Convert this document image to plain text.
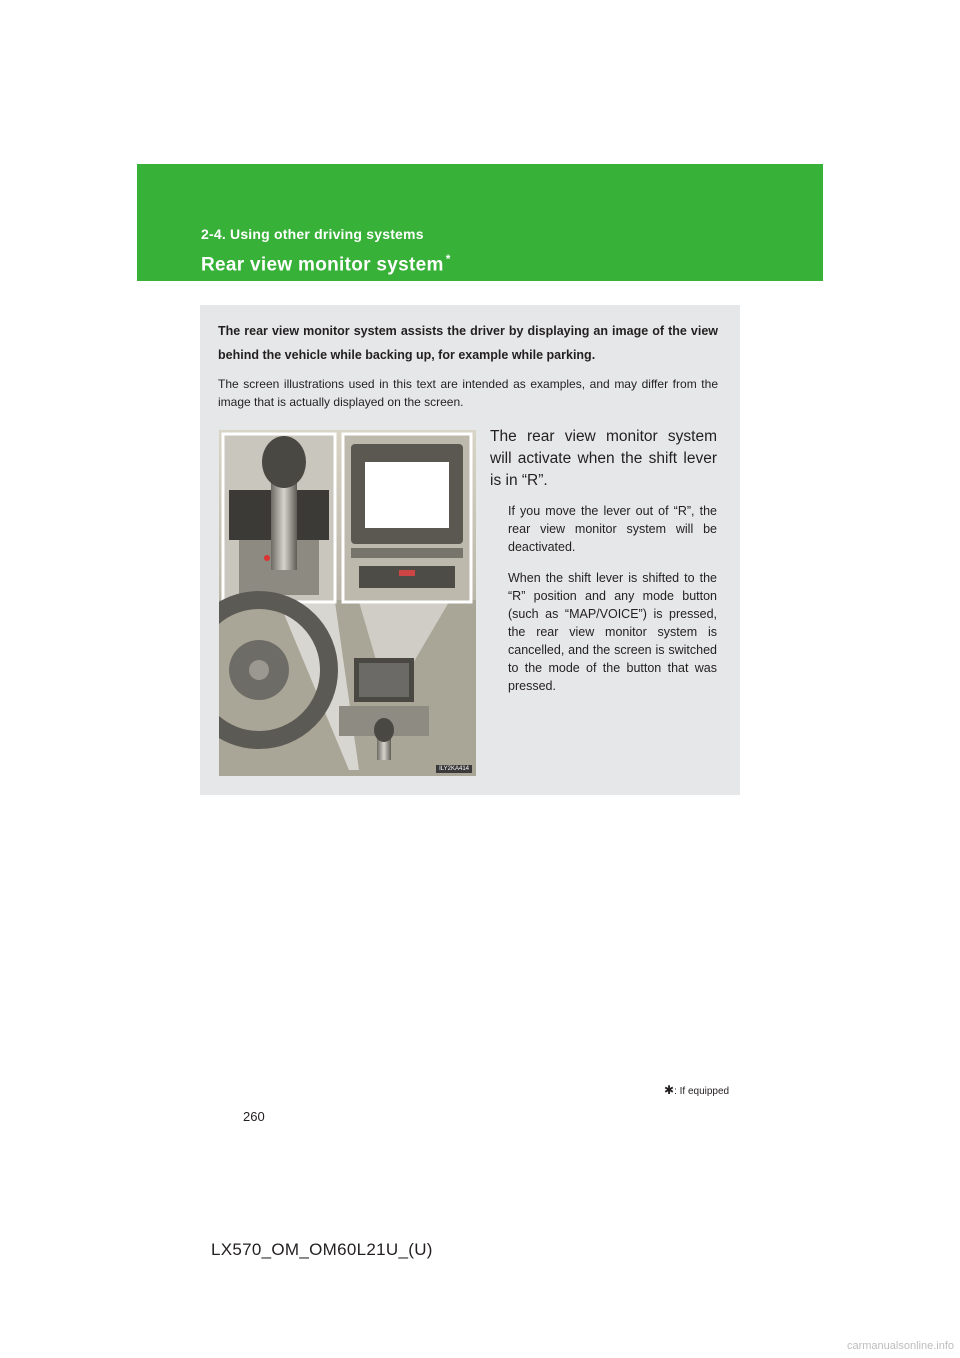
2-4. Using other driving systems
Rear view monitor system *
The rear view monitor system assists the driver by displaying an image of the view behind the vehicle while backing up, for example while parking.
The screen illustrations used in this text are intended as examples, and may differ from the image that is actually displayed on the screen.
ILY2KA414
The rear view monitor system will activate when the shift lever is in “R”.
If you move the lever out of “R”, the rear view monitor system will be deactivated.
When the shift lever is shifted to the “R” position and any mode button (such as “MAP/VOICE”) is pressed, the rear view monitor system is cancelled, and the screen is switched to the mode of the button that was pressed.
✱: If equipped
260
LX570_OM_OM60L21U_(U)
carmanualsonline.info
